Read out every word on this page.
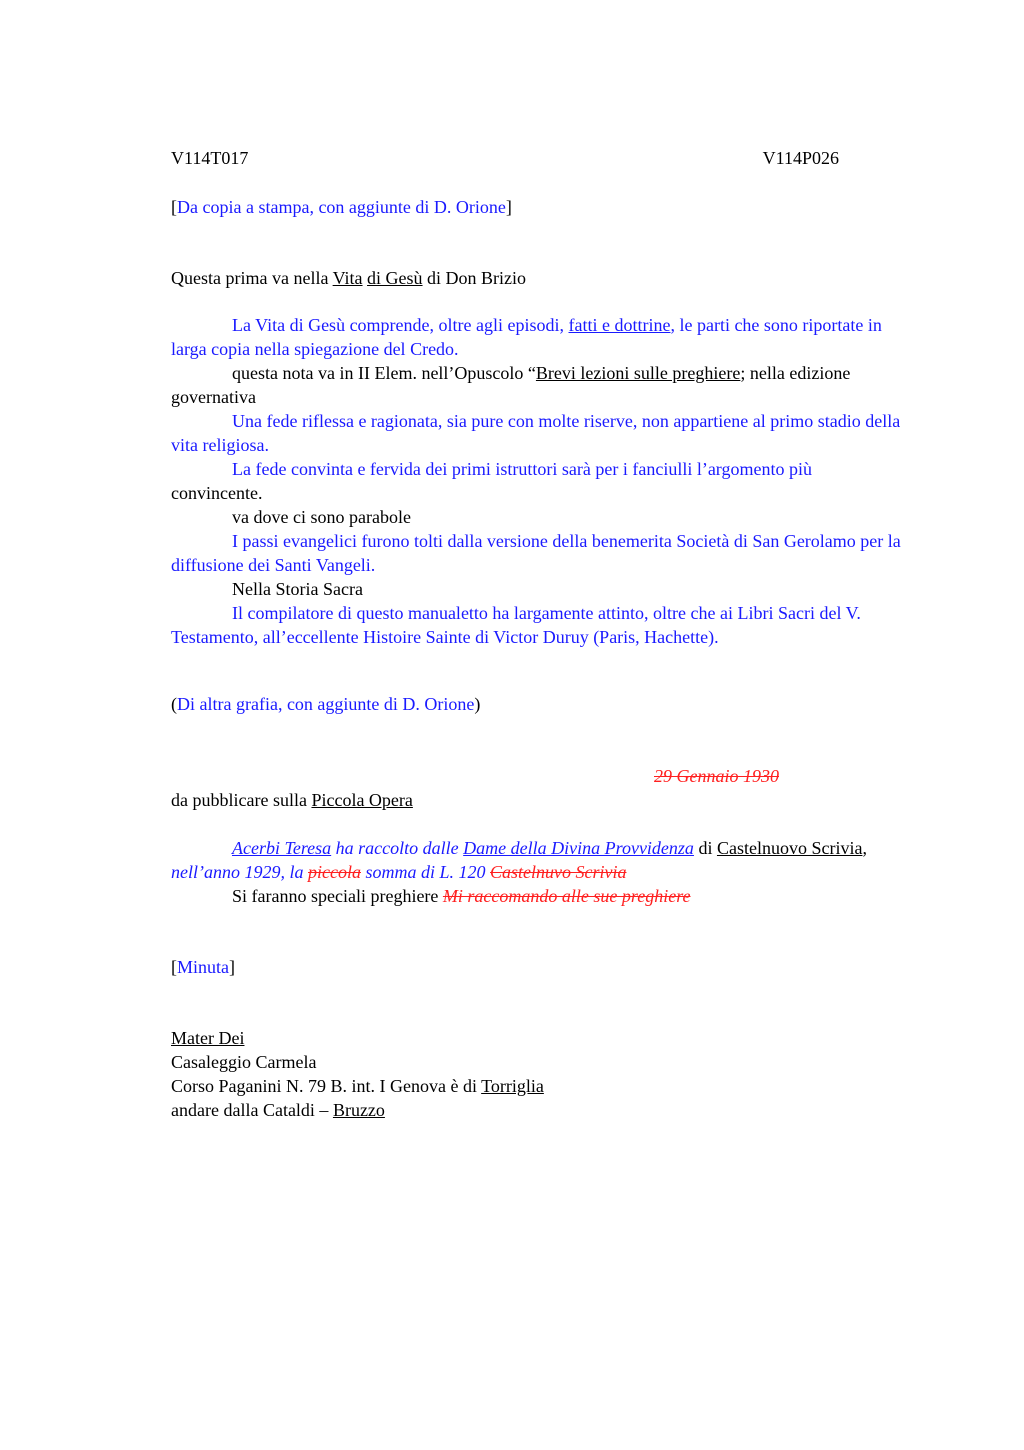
V114T017	V114P026
[Da copia a stampa, con aggiunte di D. Orione]
Questa prima va nella Vita di Gesù di Don Brizio
La Vita di Gesù comprende, oltre agli episodi, fatti e dottrine, le parti che sono riportate in larga copia nella spiegazione del Credo.
questa nota va in II Elem. nell’Opuscolo “Brevi lezioni sulle preghiere; nella edizione governativa
Una fede riflessa e ragionata, sia pure con molte riserve, non appartiene al primo stadio della vita religiosa.
La fede convinta e fervida dei primi istruttori sarà per i fanciulli l’argomento più convincente.
va dove ci sono parabole
I passi evangelici furono tolti dalla versione della benemerita Società di San Gerolamo per la diffusione dei Santi Vangeli.
Nella Storia Sacra
Il compilatore di questo manualetto ha largamente attinto, oltre che ai Libri Sacri del V. Testamento, all’eccellente Histoire Sainte di Victor Duruy (Paris, Hachette).
(Di altra grafia, con aggiunte di D. Orione)
29 Gennaio 1930
da pubblicare sulla Piccola Opera
Acerbi Teresa ha raccolto dalle Dame della Divina Provvidenza di Castelnuovo Scrivia, nell’anno 1929, la piccola somma di L. 120 Castelnuvo Scrivia
Si faranno speciali preghiere Mi raccomando alle sue preghiere
[Minuta]
Mater Dei
Casaleggio Carmela
Corso Paganini N. 79 B. int. I Genova è di Torriglia
andare dalla Cataldi – Bruzzo
